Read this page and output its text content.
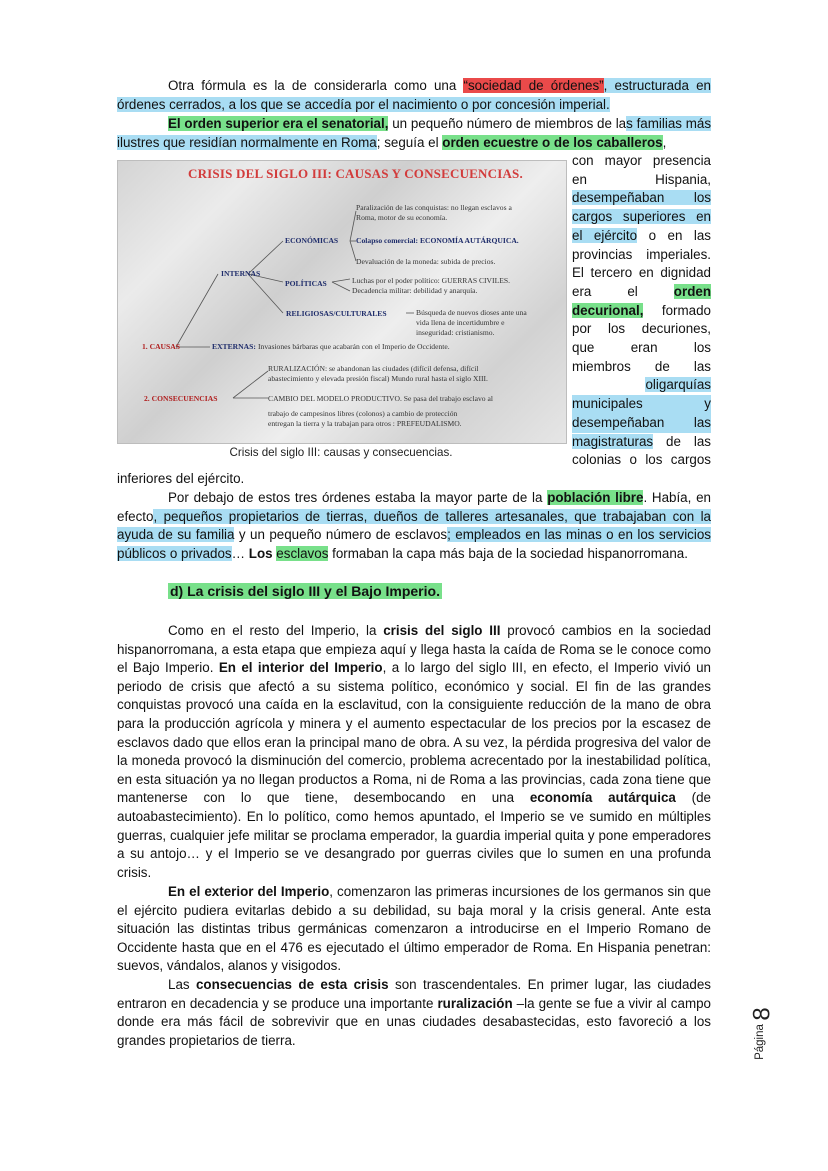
Otra fórmula es la de considerarla como una “sociedad de órdenes”, estructurada en órdenes cerrados, a los que se accedía por el nacimiento o por concesión imperial.
El orden superior era el senatorial, un pequeño número de miembros de las familias más ilustres que residían normalmente en Roma; seguía el orden ecuestre o de los caballeros,
CRISIS DEL SIGLO III: CAUSAS Y CONSECUENCIAS.
Paralización de las conquistas: no llegan esclavos a
Roma, motor de su economía.
ECONÓMICAS Colapso comercial: ECONOMÍA AUTÁRQUICA.
Devaluación de la moneda: subida de precios.
INTERNAS
POLÍTICAS	Luchas por el poder político: GUERRAS CIVILES.
Decadencia militar: debilidad y anarquía.
RELIGIOSAS/CULTURALES	Búsqueda de nuevos dioses ante una
vida llena de incertidumbre e
inseguridad: cristianismo.
1. CAUSAS	EXTERNAS: Invasiones bárbaras que acabarán con el Imperio de Occidente.
RURALIZACIÓN: se abandonan las ciudades (difícil defensa, difícil
abastecimiento y elevada presión fiscal) Mundo rural hasta el siglo XIII.
2. CONSECUENCIAS	CAMBIO DEL MODELO PRODUCTIVO. Se pasa del trabajo esclavo al
trabajo de campesinos libres (colonos) a cambio de protección
entregan la tierra y la trabajan para otros : PREFEUDALISMO.
Crisis del siglo III: causas y consecuencias.
con mayor presencia
en Hispania,
desempeñaban los
cargos superiores en
el ejército o en las
provincias imperiales.
El tercero en dignidad
era el orden
decurional, formado
por los decuriones,
que eran los
miembros de las
oligarquías
municipales y
desempeñaban las
magistraturas de las
colonias o los cargos
inferiores del ejército.
Por debajo de estos tres órdenes estaba la mayor parte de la población libre. Había, en efecto, pequeños propietarios de tierras, dueños de talleres artesanales, que trabajaban con la ayuda de su familia y un pequeño número de esclavos; empleados en las minas o en los servicios públicos o privados… Los esclavos formaban la capa más baja de la sociedad hispanorromana.
d) La crisis del siglo III y el Bajo Imperio.
Como en el resto del Imperio, la crisis del siglo III provocó cambios en la sociedad hispanorromana, a esta etapa que empieza aquí y llega hasta la caída de Roma se le conoce como el Bajo Imperio. En el interior del Imperio, a lo largo del siglo III, en efecto, el Imperio vivió un periodo de crisis que afectó a su sistema político, económico y social. El fin de las grandes conquistas provocó una caída en la esclavitud, con la consiguiente reducción de la mano de obra para la producción agrícola y minera y el aumento espectacular de los precios por la escasez de esclavos dado que ellos eran la principal mano de obra. A su vez, la pérdida progresiva del valor de la moneda provocó la disminución del comercio, problema acrecentado por la inestabilidad política, en esta situación ya no llegan productos a Roma, ni de Roma a las provincias, cada zona tiene que mantenerse con lo que tiene, desembocando en una economía autárquica (de autoabastecimiento). En lo político, como hemos apuntado, el Imperio se ve sumido en múltiples guerras, cualquier jefe militar se proclama emperador, la guardia imperial quita y pone emperadores a su antojo… y el Imperio se ve desangrado por guerras civiles que lo sumen en una profunda crisis.
En el exterior del Imperio, comenzaron las primeras incursiones de los germanos sin que el ejército pudiera evitarlas debido a su debilidad, su baja moral y la crisis general. Ante esta situación las distintas tribus germánicas comenzaron a introducirse en el Imperio Romano de Occidente hasta que en el 476 es ejecutado el último emperador de Roma. En Hispania penetran: suevos, vándalos, alanos y visigodos.
Las consecuencias de esta crisis son trascendentales. En primer lugar, las ciudades entraron en decadencia y se produce una importante ruralización –la gente se fue a vivir al campo donde era más fácil de sobrevivir que en unas ciudades desabastecidas, esto favoreció a los grandes propietarios de tierra.
8
Página
